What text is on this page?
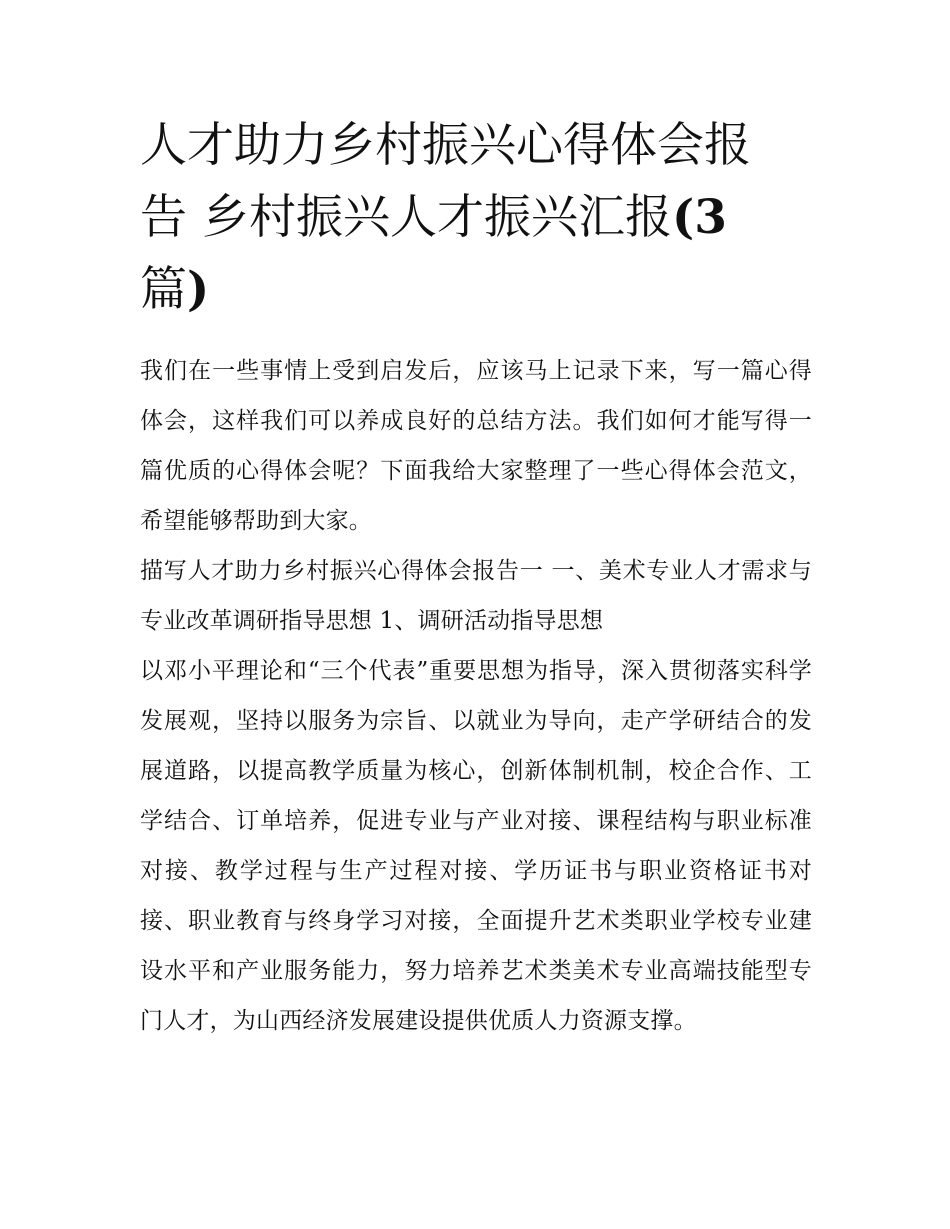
人才助力乡村振兴心得体会报
告 乡村振兴人才振兴汇报(3
篇)

我们在一些事情上受到启发后，应该马上记录下来，写一篇心得体会，这样我们可以养成良好的总结方法。我们如何才能写得一篇优质的心得体会呢？下面我给大家整理了一些心得体会范文，希望能够帮助到大家。

描写人才助力乡村振兴心得体会报告一 一、美术专业人才需求与专业改革调研指导思想 1、调研活动指导思想

以邓小平理论和“三个代表”重要思想为指导，深入贯彻落实科学发展观，坚持以服务为宗旨、以就业为导向，走产学研结合的发展道路，以提高教学质量为核心，创新体制机制，校企合作、工学结合、订单培养，促进专业与产业对接、课程结构与职业标准对接、教学过程与生产过程对接、学历证书与职业资格证书对接、职业教育与终身学习对接，全面提升艺术类职业学校专业建设水平和产业服务能力，努力培养艺术类美术专业高端技能型专门人才，为山西经济发展建设提供优质人力资源支撑。
